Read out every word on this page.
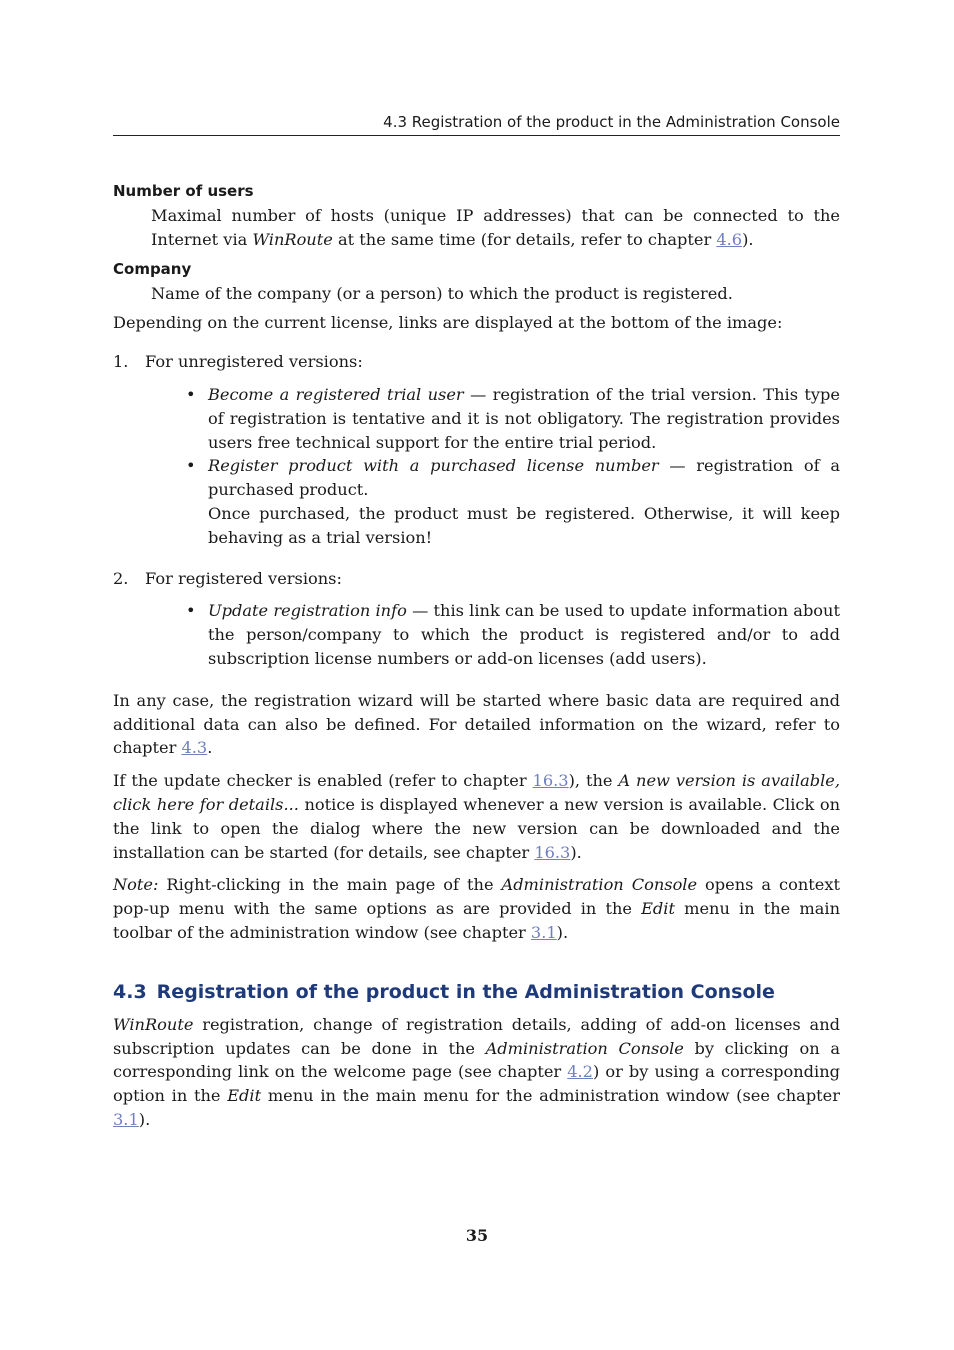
4.3 Registration of the product in the Administration Console
Number of users
Maximal number of hosts (unique IP addresses) that can be connected to the Internet via WinRoute at the same time (for details, refer to chapter 4.6).
Company
Name of the company (or a person) to which the product is registered.

Depending on the current license, links are displayed at the bottom of the image:

1. For unregistered versions:
• Become a registered trial user — registration of the trial version. This type of registration is tentative and it is not obligatory. The registration provides users free technical support for the entire trial period.
• Register product with a purchased license number — registration of a purchased product.
Once purchased, the product must be registered. Otherwise, it will keep behaving as a trial version!
2. For registered versions:
• Update registration info — this link can be used to update information about the person/company to which the product is registered and/or to add subscription license numbers or add-on licenses (add users).

In any case, the registration wizard will be started where basic data are required and additional data can also be defined. For detailed information on the wizard, refer to chapter 4.3.

If the update checker is enabled (refer to chapter 16.3), the A new version is available, click here for details... notice is displayed whenever a new version is available. Click on the link to open the dialog where the new version can be downloaded and the installation can be started (for details, see chapter 16.3).

Note: Right-clicking in the main page of the Administration Console opens a context pop-up menu with the same options as are provided in the Edit menu in the main toolbar of the administration window (see chapter 3.1).

4.3 Registration of the product in the Administration Console

WinRoute registration, change of registration details, adding of add-on licenses and subscription updates can be done in the Administration Console by clicking on a corresponding link on the welcome page (see chapter 4.2) or by using a corresponding option in the Edit menu in the main menu for the administration window (see chapter 3.1).

35
